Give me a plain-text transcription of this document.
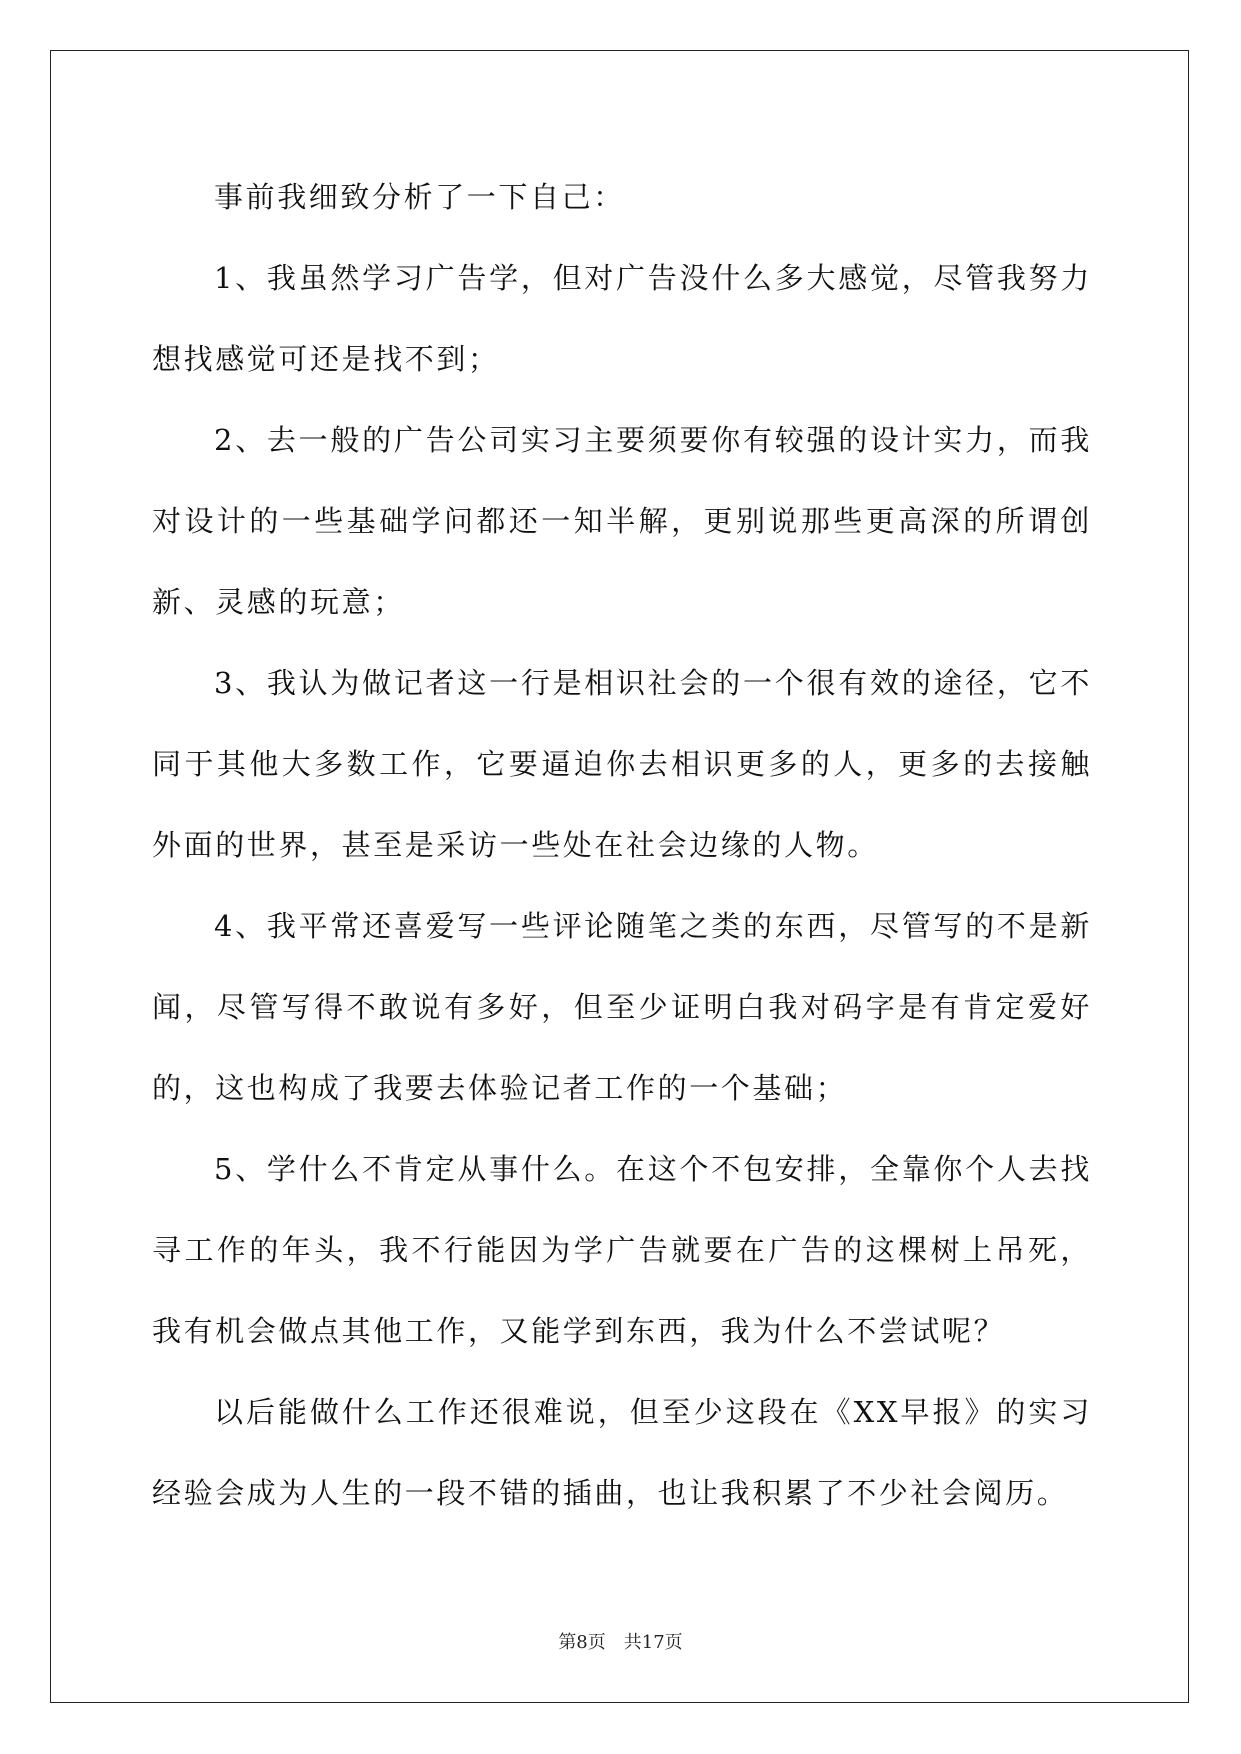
事前我细致分析了一下自己：

1、我虽然学习广告学，但对广告没什么多大感觉，尽管我努力想找感觉可还是找不到；

2、去一般的广告公司实习主要须要你有较强的设计实力，而我对设计的一些基础学问都还一知半解，更别说那些更高深的所谓创新、灵感的玩意；

3、我认为做记者这一行是相识社会的一个很有效的途径，它不同于其他大多数工作，它要逼迫你去相识更多的人，更多的去接触外面的世界，甚至是采访一些处在社会边缘的人物。

4、我平常还喜爱写一些评论随笔之类的东西，尽管写的不是新闻，尽管写得不敢说有多好，但至少证明白我对码字是有肯定爱好的，这也构成了我要去体验记者工作的一个基础；

5、学什么不肯定从事什么。在这个不包安排，全靠你个人去找寻工作的年头，我不行能因为学广告就要在广告的这棵树上吊死，我有机会做点其他工作，又能学到东西，我为什么不尝试呢？

以后能做什么工作还很难说，但至少这段在《XX早报》的实习经验会成为人生的一段不错的插曲，也让我积累了不少社会阅历。

第8页 共17页
